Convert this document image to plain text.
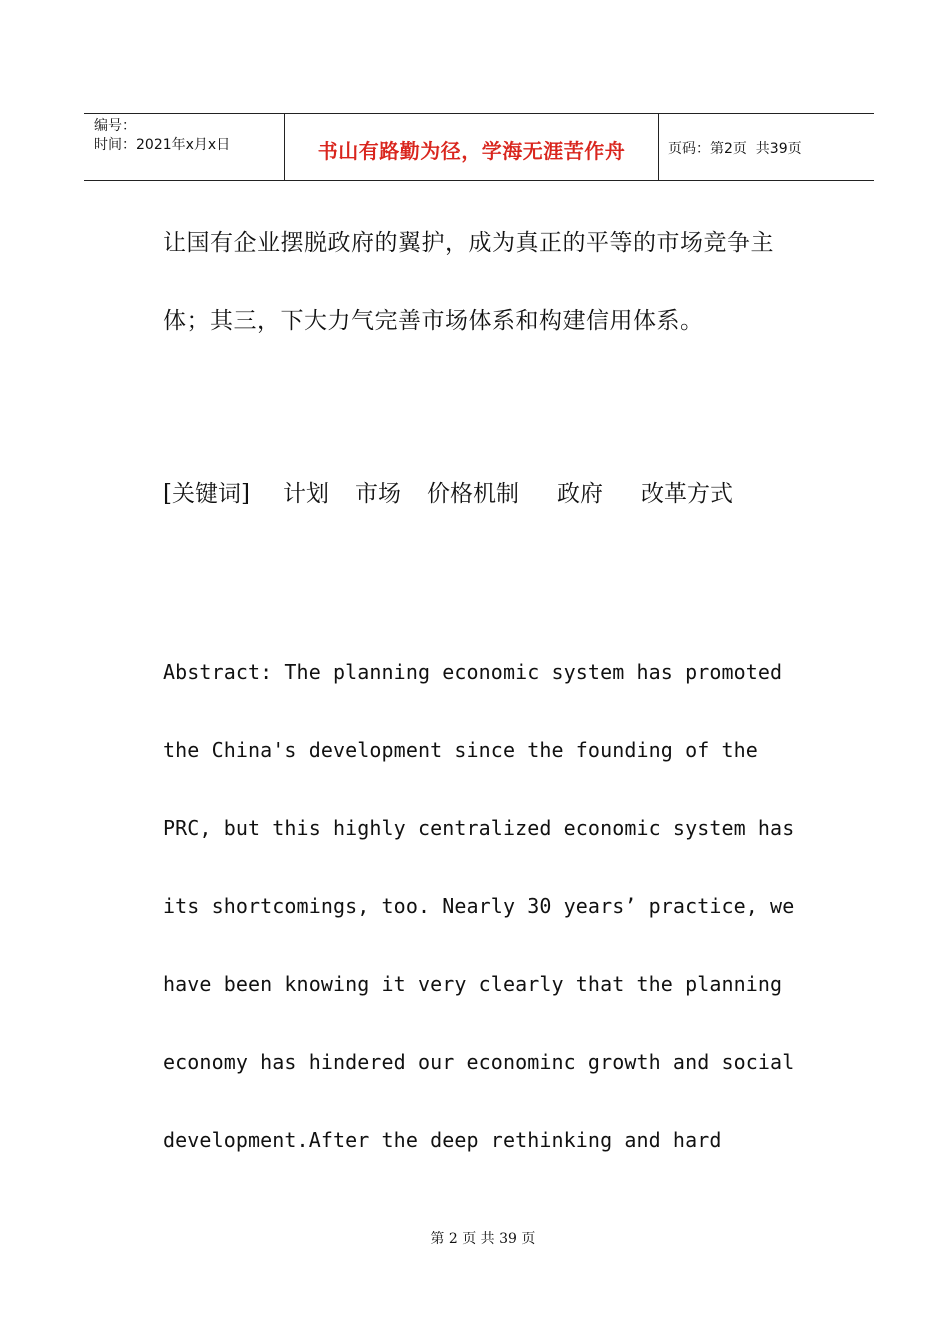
编号：
时间：2021年x月x日	书山有路勤为径，学海无涯苦作舟	页码：第2页  共39页
让国有企业摆脱政府的翼护，成为真正的平等的市场竞争主
体；其三，下大力气完善市场体系和构建信用体系。
[关键词]	计划	市场	价格机制	政府	改革方式
Abstract: The planning economic system has promoted
the China's development since the founding of the
PRC, but this highly centralized economic system has
its shortcomings, too. Nearly 30 years’ practice, we
have been knowing it very clearly that the planning
economy has hindered our econominc growth and social
development.After the deep rethinking and hard

第 2 页 共 39 页
